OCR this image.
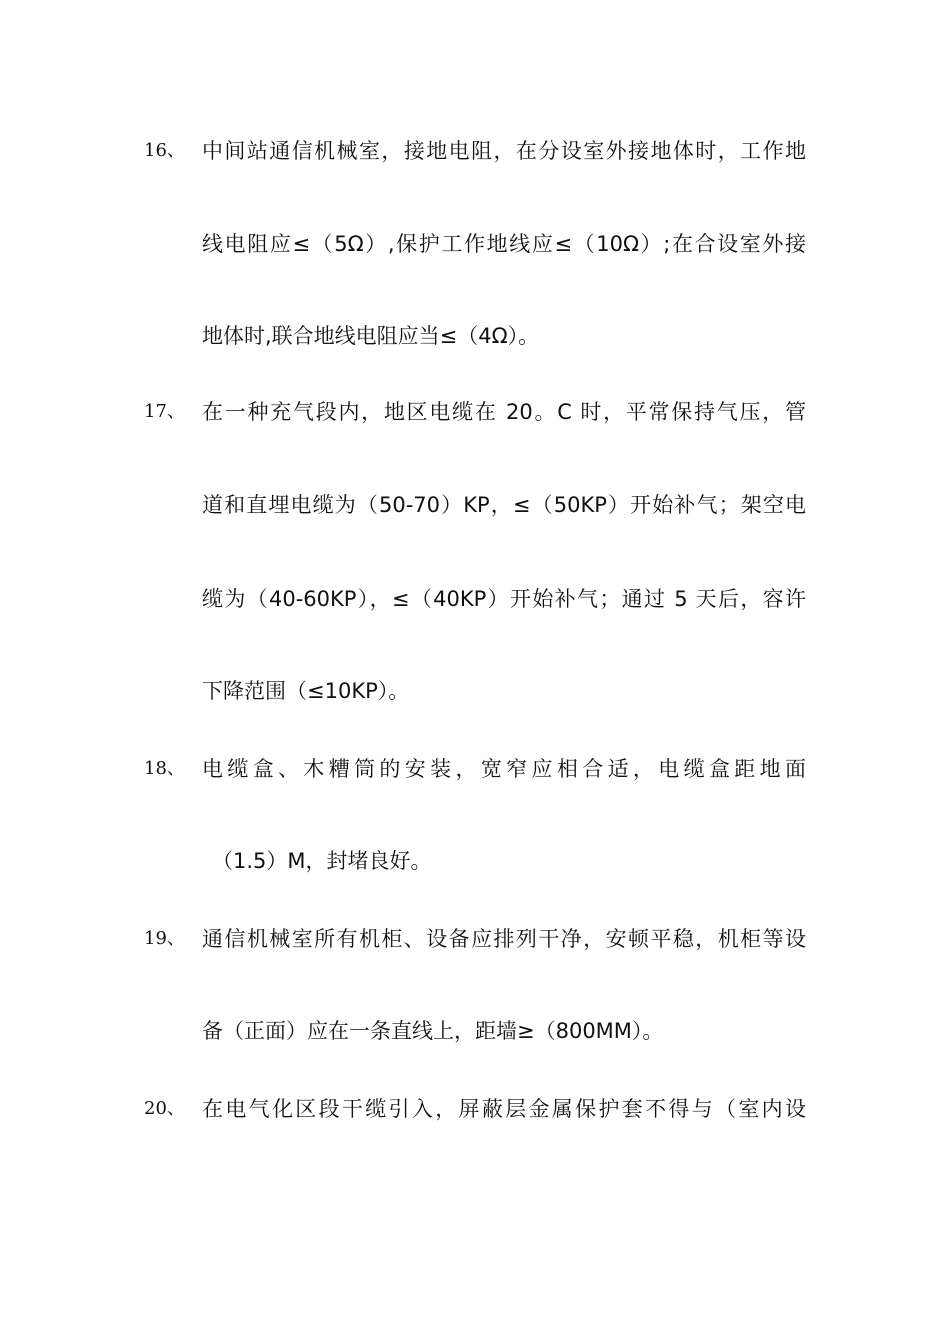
16、 中间站通信机械室，接地电阻，在分设室外接地体时，工作地
线电阻应≤（5Ω）,保护工作地线应≤（10Ω）;在合设室外接
地体时,联合地线电阻应当≤（4Ω）。
17、 在一种充气段内，地区电缆在 20。C 时，平常保持气压，管
道和直埋电缆为（50-70）KP，≤（50KP）开始补气；架空电
缆为（40-60KP），≤（40KP）开始补气；通过 5 天后，容许
下降范围（≤10KP）。
18、 电缆盒、木糟筒的安装，宽窄应相合适，电缆盒距地面
（1.5）M，封堵良好。
19、 通信机械室所有机柜、设备应排列干净，安顿平稳，机柜等设
备（正面）应在一条直线上，距墙≥（800MM）。
20、 在电气化区段干缆引入，屏蔽层金属保护套不得与（室内设
